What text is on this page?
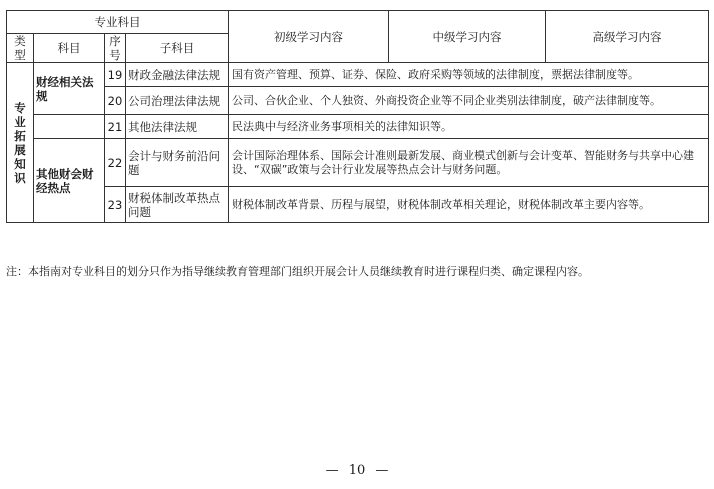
专业科目				初级学习内容	中级学习内容	高级学习内容
类型	科目	序号	子科目			
专业拓展知识	财经相关法规	19	财政金融法律法规	国有资产管理、预算、证券、保险、政府采购等领域的法律制度，票据法律制度等。		
		20	公司治理法律法规	公司、合伙企业、个人独资、外商投资企业等不同企业类别法律制度，破产法律制度等。		
		21	其他法律法规	民法典中与经济业务事项相关的法律知识等。		
	其他财会财经热点	22	会计与财务前沿问题	会计国际治理体系、国际会计准则最新发展、商业模式创新与会计变革、智能财务与共享中心建设、“双碳”政策与会计行业发展等热点会计与财务问题。		
		23	财税体制改革热点问题	财税体制改革背景、历程与展望，财税体制改革相关理论，财税体制改革主要内容等。		
注：本指南对专业科目的划分只作为指导继续教育管理部门组织开展会计人员继续教育时进行课程归类、确定课程内容。
— 10 —
